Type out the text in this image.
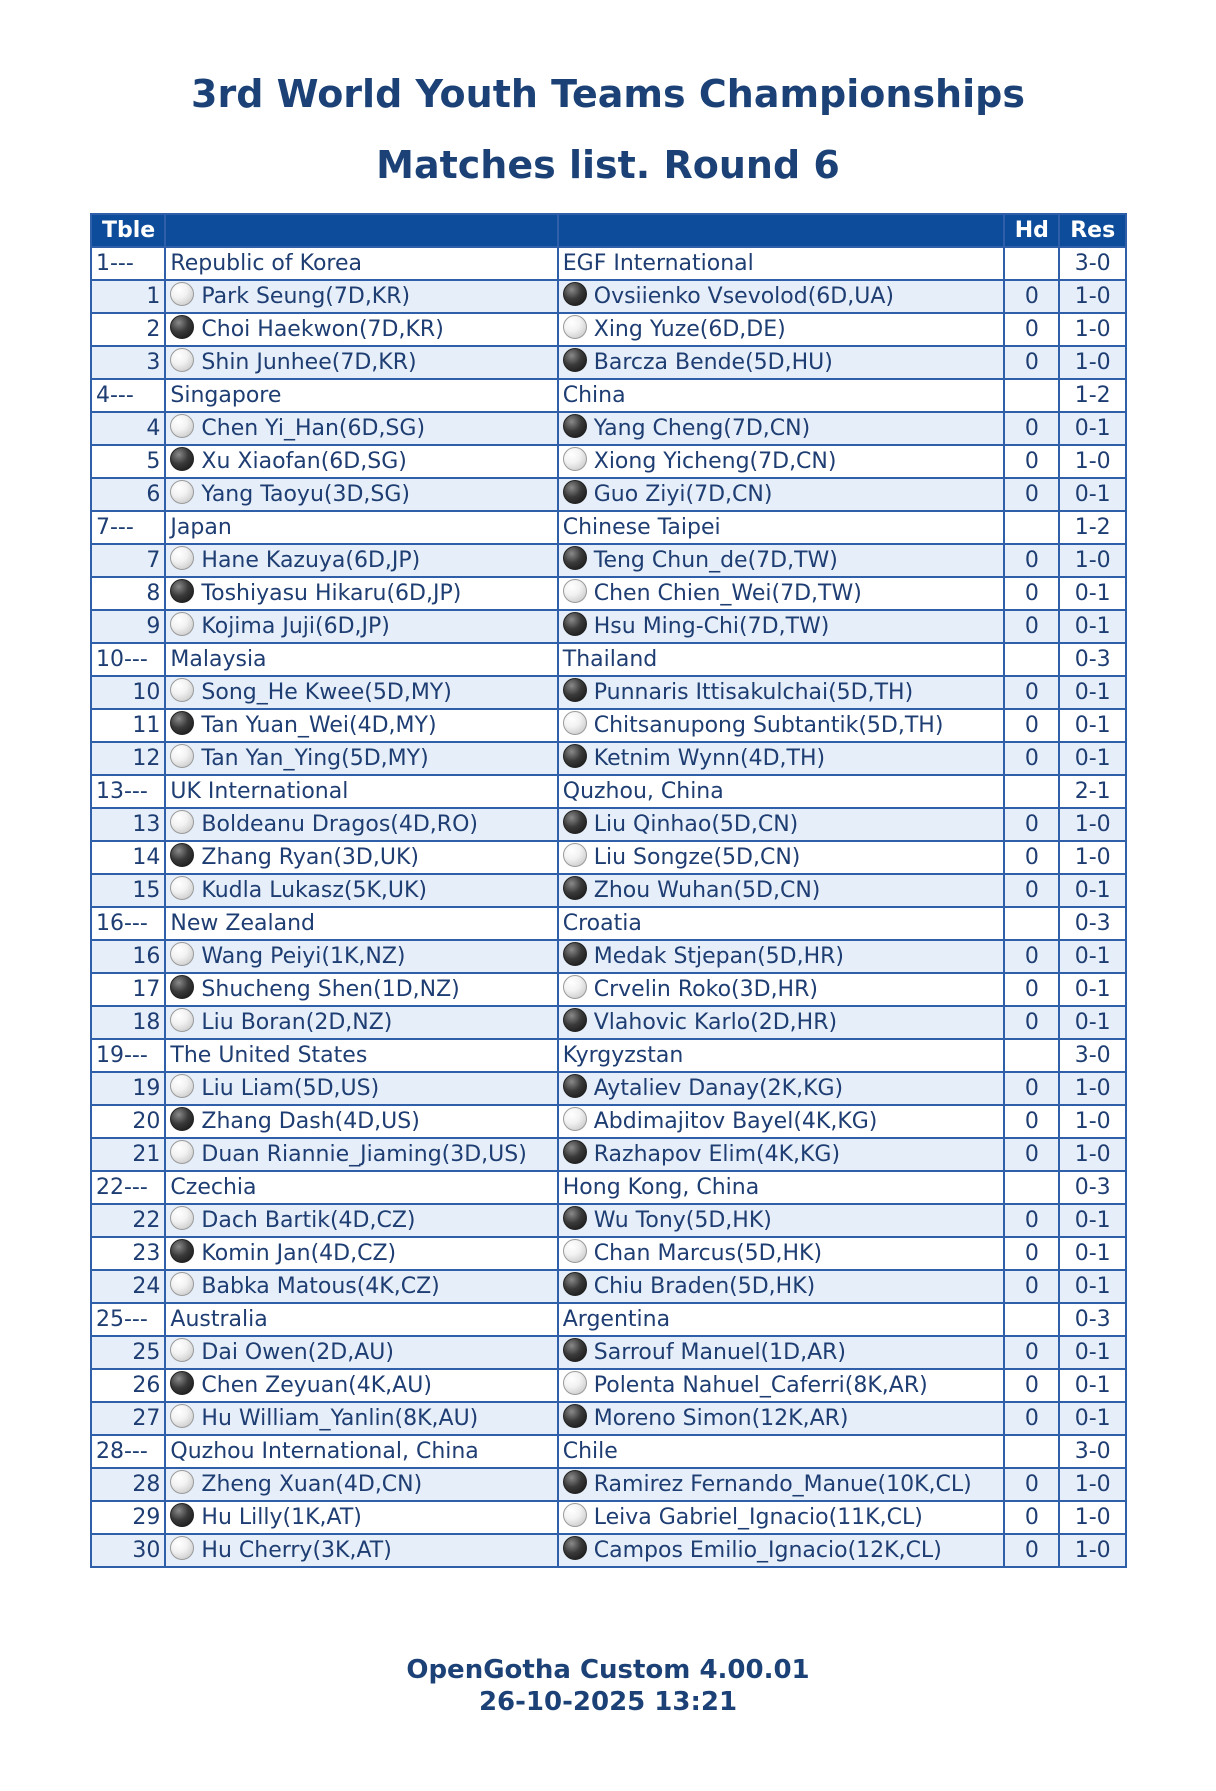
3rd World Youth Teams Championships
Matches list. Round 6
Tble			Hd	Res
1---	Republic of Korea	EGF International		3-0
1	Park Seung(7D,KR)	Ovsiienko Vsevolod(6D,UA)	0	1-0
2	Choi Haekwon(7D,KR)	Xing Yuze(6D,DE)	0	1-0
3	Shin Junhee(7D,KR)	Barcza Bende(5D,HU)	0	1-0
4---	Singapore	China		1-2
4	Chen Yi_Han(6D,SG)	Yang Cheng(7D,CN)	0	0-1
5	Xu Xiaofan(6D,SG)	Xiong Yicheng(7D,CN)	0	1-0
6	Yang Taoyu(3D,SG)	Guo Ziyi(7D,CN)	0	0-1
7---	Japan	Chinese Taipei		1-2
7	Hane Kazuya(6D,JP)	Teng Chun_de(7D,TW)	0	1-0
8	Toshiyasu Hikaru(6D,JP)	Chen Chien_Wei(7D,TW)	0	0-1
9	Kojima Juji(6D,JP)	Hsu Ming-Chi(7D,TW)	0	0-1
10---	Malaysia	Thailand		0-3
10	Song_He Kwee(5D,MY)	Punnaris Ittisakulchai(5D,TH)	0	0-1
11	Tan Yuan_Wei(4D,MY)	Chitsanupong Subtantik(5D,TH)	0	0-1
12	Tan Yan_Ying(5D,MY)	Ketnim Wynn(4D,TH)	0	0-1
13---	UK International	Quzhou, China		2-1
13	Boldeanu Dragos(4D,RO)	Liu Qinhao(5D,CN)	0	1-0
14	Zhang Ryan(3D,UK)	Liu Songze(5D,CN)	0	1-0
15	Kudla Lukasz(5K,UK)	Zhou Wuhan(5D,CN)	0	0-1
16---	New Zealand	Croatia		0-3
16	Wang Peiyi(1K,NZ)	Medak Stjepan(5D,HR)	0	0-1
17	Shucheng Shen(1D,NZ)	Crvelin Roko(3D,HR)	0	0-1
18	Liu Boran(2D,NZ)	Vlahovic Karlo(2D,HR)	0	0-1
19---	The United States	Kyrgyzstan		3-0
19	Liu Liam(5D,US)	Aytaliev Danay(2K,KG)	0	1-0
20	Zhang Dash(4D,US)	Abdimajitov Bayel(4K,KG)	0	1-0
21	Duan Riannie_Jiaming(3D,US)	Razhapov Elim(4K,KG)	0	1-0
22---	Czechia	Hong Kong, China		0-3
22	Dach Bartik(4D,CZ)	Wu Tony(5D,HK)	0	0-1
23	Komin Jan(4D,CZ)	Chan Marcus(5D,HK)	0	0-1
24	Babka Matous(4K,CZ)	Chiu Braden(5D,HK)	0	0-1
25---	Australia	Argentina		0-3
25	Dai Owen(2D,AU)	Sarrouf Manuel(1D,AR)	0	0-1
26	Chen Zeyuan(4K,AU)	Polenta Nahuel_Caferri(8K,AR)	0	0-1
27	Hu William_Yanlin(8K,AU)	Moreno Simon(12K,AR)	0	0-1
28---	Quzhou International, China	Chile		3-0
28	Zheng Xuan(4D,CN)	Ramirez Fernando_Manue(10K,CL)	0	1-0
29	Hu Lilly(1K,AT)	Leiva Gabriel_Ignacio(11K,CL)	0	1-0
30	Hu Cherry(3K,AT)	Campos Emilio_Ignacio(12K,CL)	0	1-0
OpenGotha Custom 4.00.01
26-10-2025 13:21
